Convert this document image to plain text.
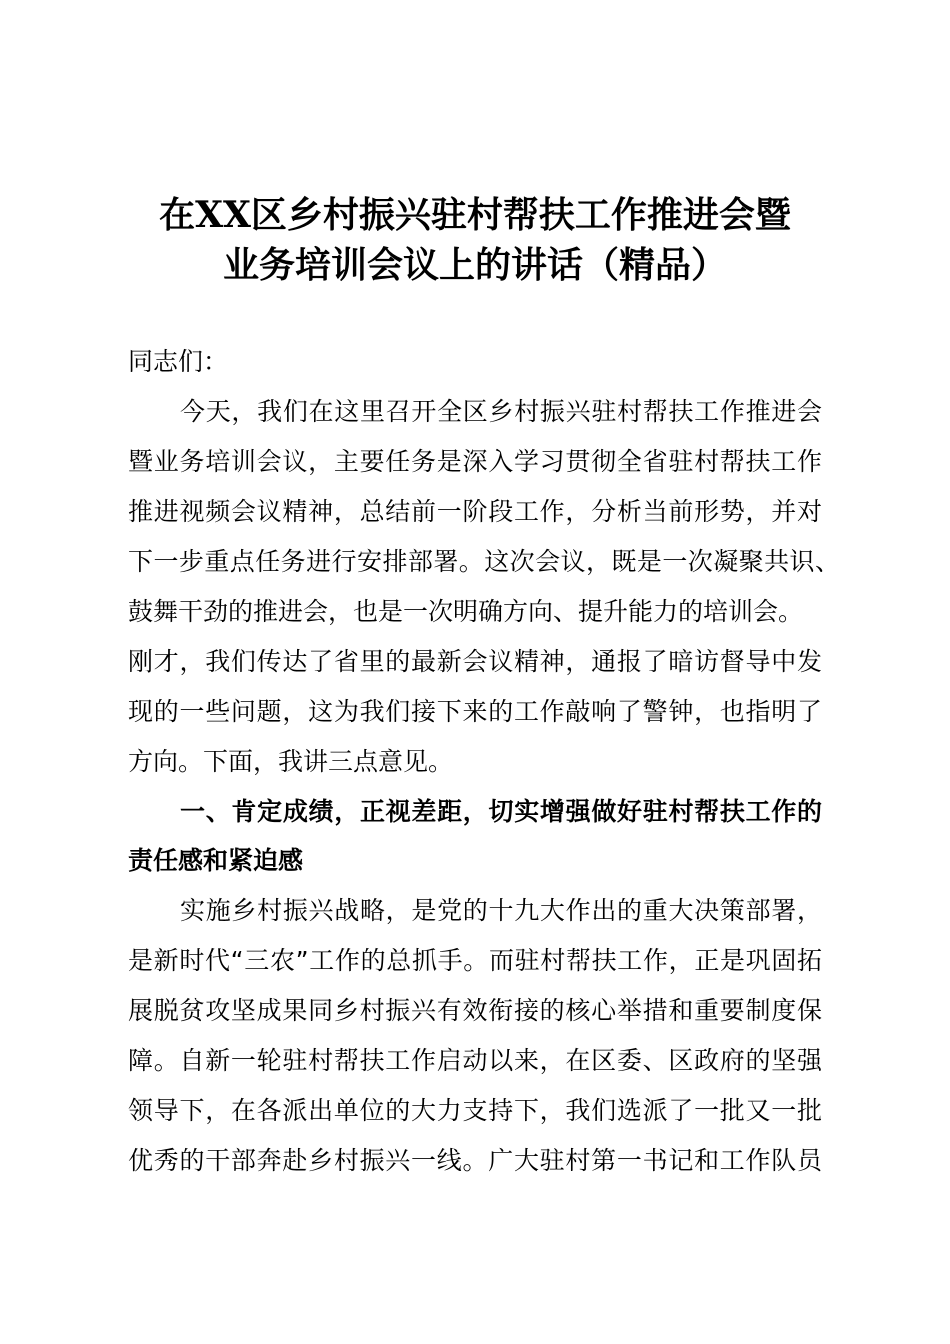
在XX区乡村振兴驻村帮扶工作推进会暨
业务培训会议上的讲话（精品）
同志们：
今天，我们在这里召开全区乡村振兴驻村帮扶工作推进会
暨业务培训会议，主要任务是深入学习贯彻全省驻村帮扶工作
推进视频会议精神，总结前一阶段工作，分析当前形势，并对
下一步重点任务进行安排部署。这次会议，既是一次凝聚共识、
鼓舞干劲的推进会，也是一次明确方向、提升能力的培训会。
刚才，我们传达了省里的最新会议精神，通报了暗访督导中发
现的一些问题，这为我们接下来的工作敲响了警钟，也指明了
方向。下面，我讲三点意见。
一、肯定成绩，正视差距，切实增强做好驻村帮扶工作的
责任感和紧迫感
实施乡村振兴战略，是党的十九大作出的重大决策部署，
是新时代“三农”工作的总抓手。而驻村帮扶工作，正是巩固拓
展脱贫攻坚成果同乡村振兴有效衔接的核心举措和重要制度保
障。自新一轮驻村帮扶工作启动以来，在区委、区政府的坚强
领导下，在各派出单位的大力支持下，我们选派了一批又一批
优秀的干部奔赴乡村振兴一线。广大驻村第一书记和工作队员
